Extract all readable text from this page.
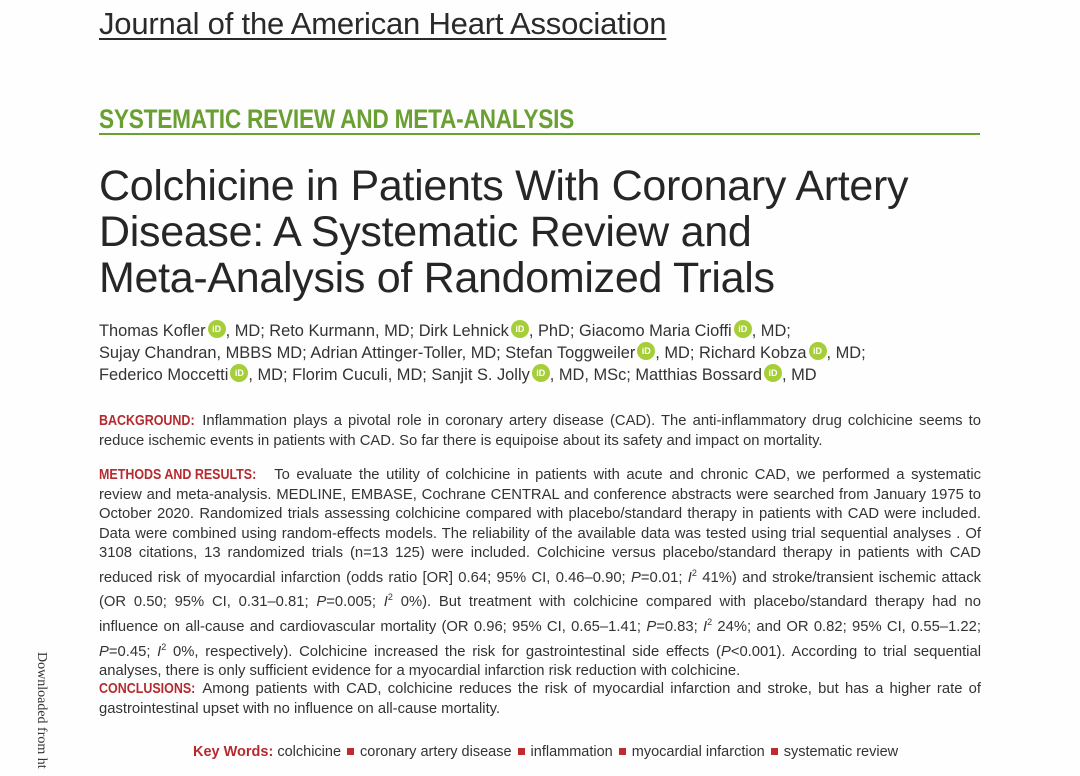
Journal of the American Heart Association
SYSTEMATIC REVIEW AND META-ANALYSIS
Colchicine in Patients With Coronary Artery
Disease: A Systematic Review and
Meta-Analysis of Randomized Trials
Thomas Kofler iD , MD; Reto Kurmann, MD; Dirk Lehnick iD , PhD; Giacomo Maria Cioffi iD , MD;
Sujay Chandran, MBBS MD; Adrian Attinger-Toller, MD; Stefan Toggweiler iD , MD; Richard Kobza iD , MD;
Federico Moccetti iD , MD; Florim Cuculi, MD; Sanjit S. Jolly iD , MD, MSc; Matthias Bossard iD , MD
BACKGROUND: Inflammation plays a pivotal role in coronary artery disease (CAD). The anti-inflammatory drug colchicine seems to reduce ischemic events in patients with CAD. So far there is equipoise about its safety and impact on mortality.
METHODS AND RESULTS: To evaluate the utility of colchicine in patients with acute and chronic CAD, we performed a systematic review and meta-analysis. MEDLINE, EMBASE, Cochrane CENTRAL and conference abstracts were searched from January 1975 to October 2020. Randomized trials assessing colchicine compared with placebo/standard therapy in patients with CAD were included. Data were combined using random-effects models. The reliability of the available data was tested using trial sequential analyses . Of 3108 citations, 13 randomized trials (n=13 125) were included. Colchicine versus placebo/standard therapy in patients with CAD reduced risk of myocardial infarction (odds ratio [OR] 0.64; 95% CI, 0.46–0.90; P=0.01; $I^2$ 41%) and stroke/transient ischemic attack (OR 0.50; 95% CI, 0.31–0.81; P=0.005; $I^2$ 0%). But treatment with colchicine compared with placebo/standard therapy had no influence on all-cause and cardiovascular mortality (OR 0.96; 95% CI, 0.65–1.41; P=0.83; $I^2$ 24%; and OR 0.82; 95% CI, 0.55–1.22; P=0.45; $I^2$ 0%, respectively). Colchicine increased the risk for gastrointestinal side effects (P<0.001). According to trial sequential analyses, there is only sufficient evidence for a myocardial infarction risk reduction with colchicine.
CONCLUSIONS: Among patients with CAD, colchicine reduces the risk of myocardial infarction and stroke, but has a higher rate of gastrointestinal upset with no influence on all-cause mortality.
Key Words: colchicine coronary artery disease inflammation myocardial infarction systematic review
Downloaded from ht
